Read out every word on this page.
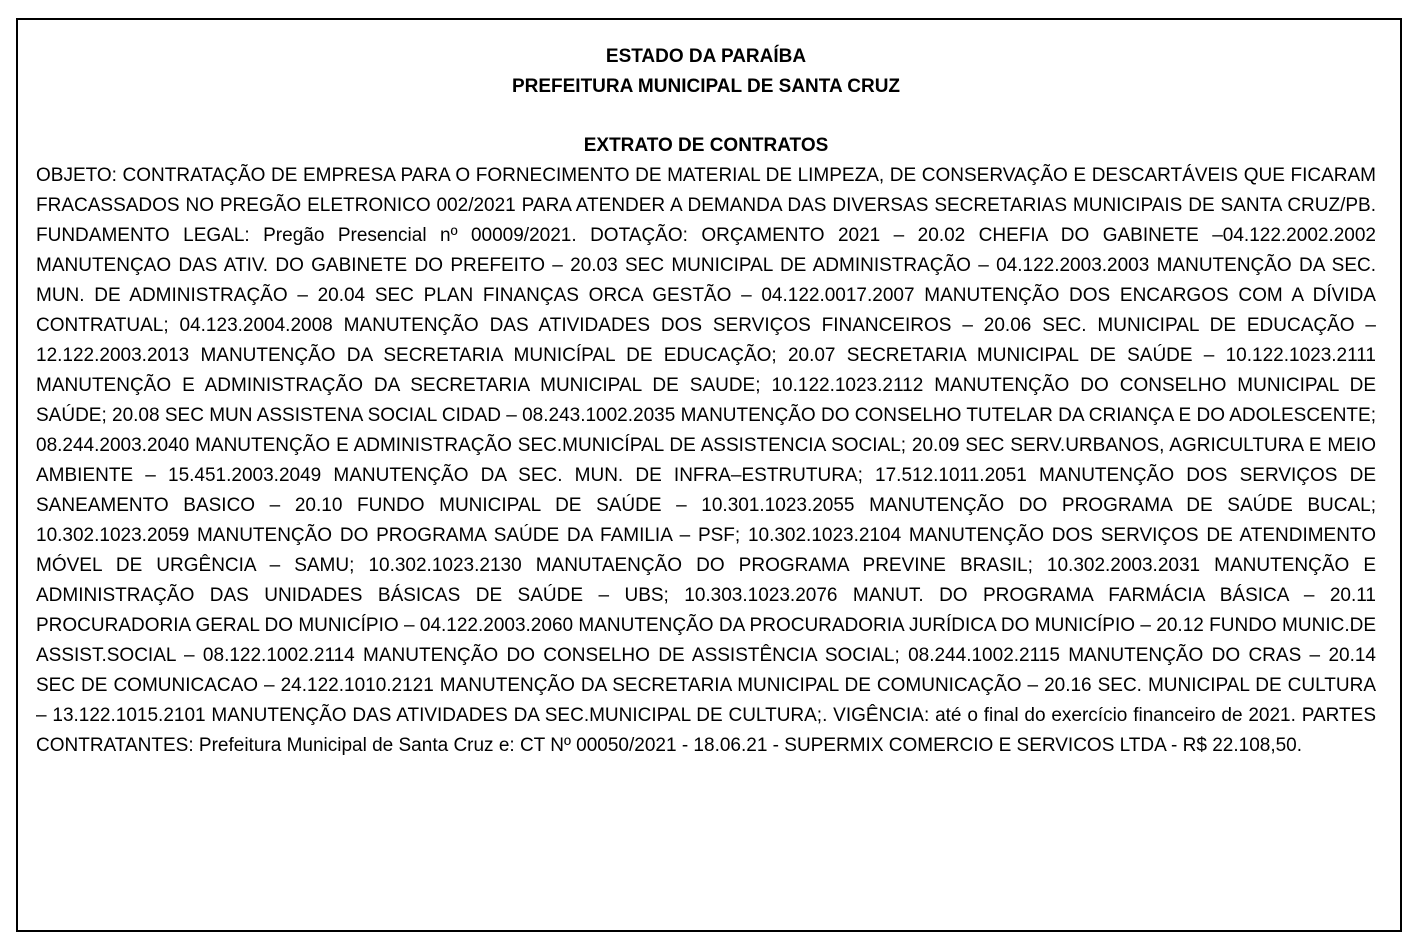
ESTADO DA PARAÍBA

PREFEITURA MUNICIPAL DE SANTA CRUZ

EXTRATO DE CONTRATOS

OBJETO: CONTRATAÇÃO DE EMPRESA PARA O FORNECIMENTO DE MATERIAL DE LIMPEZA, DE CONSERVAÇÃO E DESCARTÁVEIS QUE FICARAM FRACASSADOS NO PREGÃO ELETRONICO 002/2021 PARA ATENDER A DEMANDA DAS DIVERSAS SECRETARIAS MUNICIPAIS DE SANTA CRUZ/PB. FUNDAMENTO LEGAL: Pregão Presencial nº 00009/2021. DOTAÇÃO: ORÇAMENTO 2021 – 20.02 CHEFIA DO GABINETE –04.122.2002.2002 MANUTENÇAO DAS ATIV. DO GABINETE DO PREFEITO – 20.03 SEC MUNICIPAL DE ADMINISTRAÇÃO – 04.122.2003.2003 MANUTENÇÃO DA SEC. MUN. DE ADMINISTRAÇÃO – 20.04 SEC PLAN FINANÇAS ORCA GESTÃO – 04.122.0017.2007 MANUTENÇÃO DOS ENCARGOS COM A DÍVIDA CONTRATUAL; 04.123.2004.2008 MANUTENÇÃO DAS ATIVIDADES DOS SERVIÇOS FINANCEIROS – 20.06 SEC. MUNICIPAL DE EDUCAÇÃO – 12.122.2003.2013 MANUTENÇÃO DA SECRETARIA MUNICÍPAL DE EDUCAÇÃO; 20.07 SECRETARIA MUNICIPAL DE SAÚDE – 10.122.1023.2111 MANUTENÇÃO E ADMINISTRAÇÃO DA SECRETARIA MUNICIPAL DE SAUDE; 10.122.1023.2112 MANUTENÇÃO DO CONSELHO MUNICIPAL DE SAÚDE; 20.08 SEC MUN ASSISTENA SOCIAL CIDAD – 08.243.1002.2035 MANUTENÇÃO DO CONSELHO TUTELAR DA CRIANÇA E DO ADOLESCENTE; 08.244.2003.2040 MANUTENÇÃO E ADMINISTRAÇÃO SEC.MUNICÍPAL DE ASSISTENCIA SOCIAL; 20.09 SEC SERV.URBANOS, AGRICULTURA E MEIO AMBIENTE – 15.451.2003.2049 MANUTENÇÃO DA SEC. MUN. DE INFRA–ESTRUTURA; 17.512.1011.2051 MANUTENÇÃO DOS SERVIÇOS DE SANEAMENTO BASICO – 20.10 FUNDO MUNICIPAL DE SAÚDE – 10.301.1023.2055 MANUTENÇÃO DO PROGRAMA DE SAÚDE BUCAL; 10.302.1023.2059 MANUTENÇÃO DO PROGRAMA SAÚDE DA FAMILIA – PSF; 10.302.1023.2104 MANUTENÇÃO DOS SERVIÇOS DE ATENDIMENTO MÓVEL DE URGÊNCIA – SAMU; 10.302.1023.2130 MANUTAENÇÃO DO PROGRAMA PREVINE BRASIL; 10.302.2003.2031 MANUTENÇÃO E ADMINISTRAÇÃO DAS UNIDADES BÁSICAS DE SAÚDE – UBS; 10.303.1023.2076 MANUT. DO PROGRAMA FARMÁCIA BÁSICA – 20.11 PROCURADORIA GERAL DO MUNICÍPIO – 04.122.2003.2060 MANUTENÇÃO DA PROCURADORIA JURÍDICA DO MUNICÍPIO – 20.12 FUNDO MUNIC.DE ASSIST.SOCIAL – 08.122.1002.2114 MANUTENÇÃO DO CONSELHO DE ASSISTÊNCIA SOCIAL; 08.244.1002.2115 MANUTENÇÃO DO CRAS – 20.14 SEC DE COMUNICACAO – 24.122.1010.2121 MANUTENÇÃO DA SECRETARIA MUNICIPAL DE COMUNICAÇÃO – 20.16 SEC. MUNICIPAL DE CULTURA – 13.122.1015.2101 MANUTENÇÃO DAS ATIVIDADES DA SEC.MUNICIPAL DE CULTURA;. VIGÊNCIA: até o final do exercício financeiro de 2021. PARTES CONTRATANTES: Prefeitura Municipal de Santa Cruz e: CT Nº 00050/2021 - 18.06.21 - SUPERMIX COMERCIO E SERVICOS LTDA - R$ 22.108,50.
